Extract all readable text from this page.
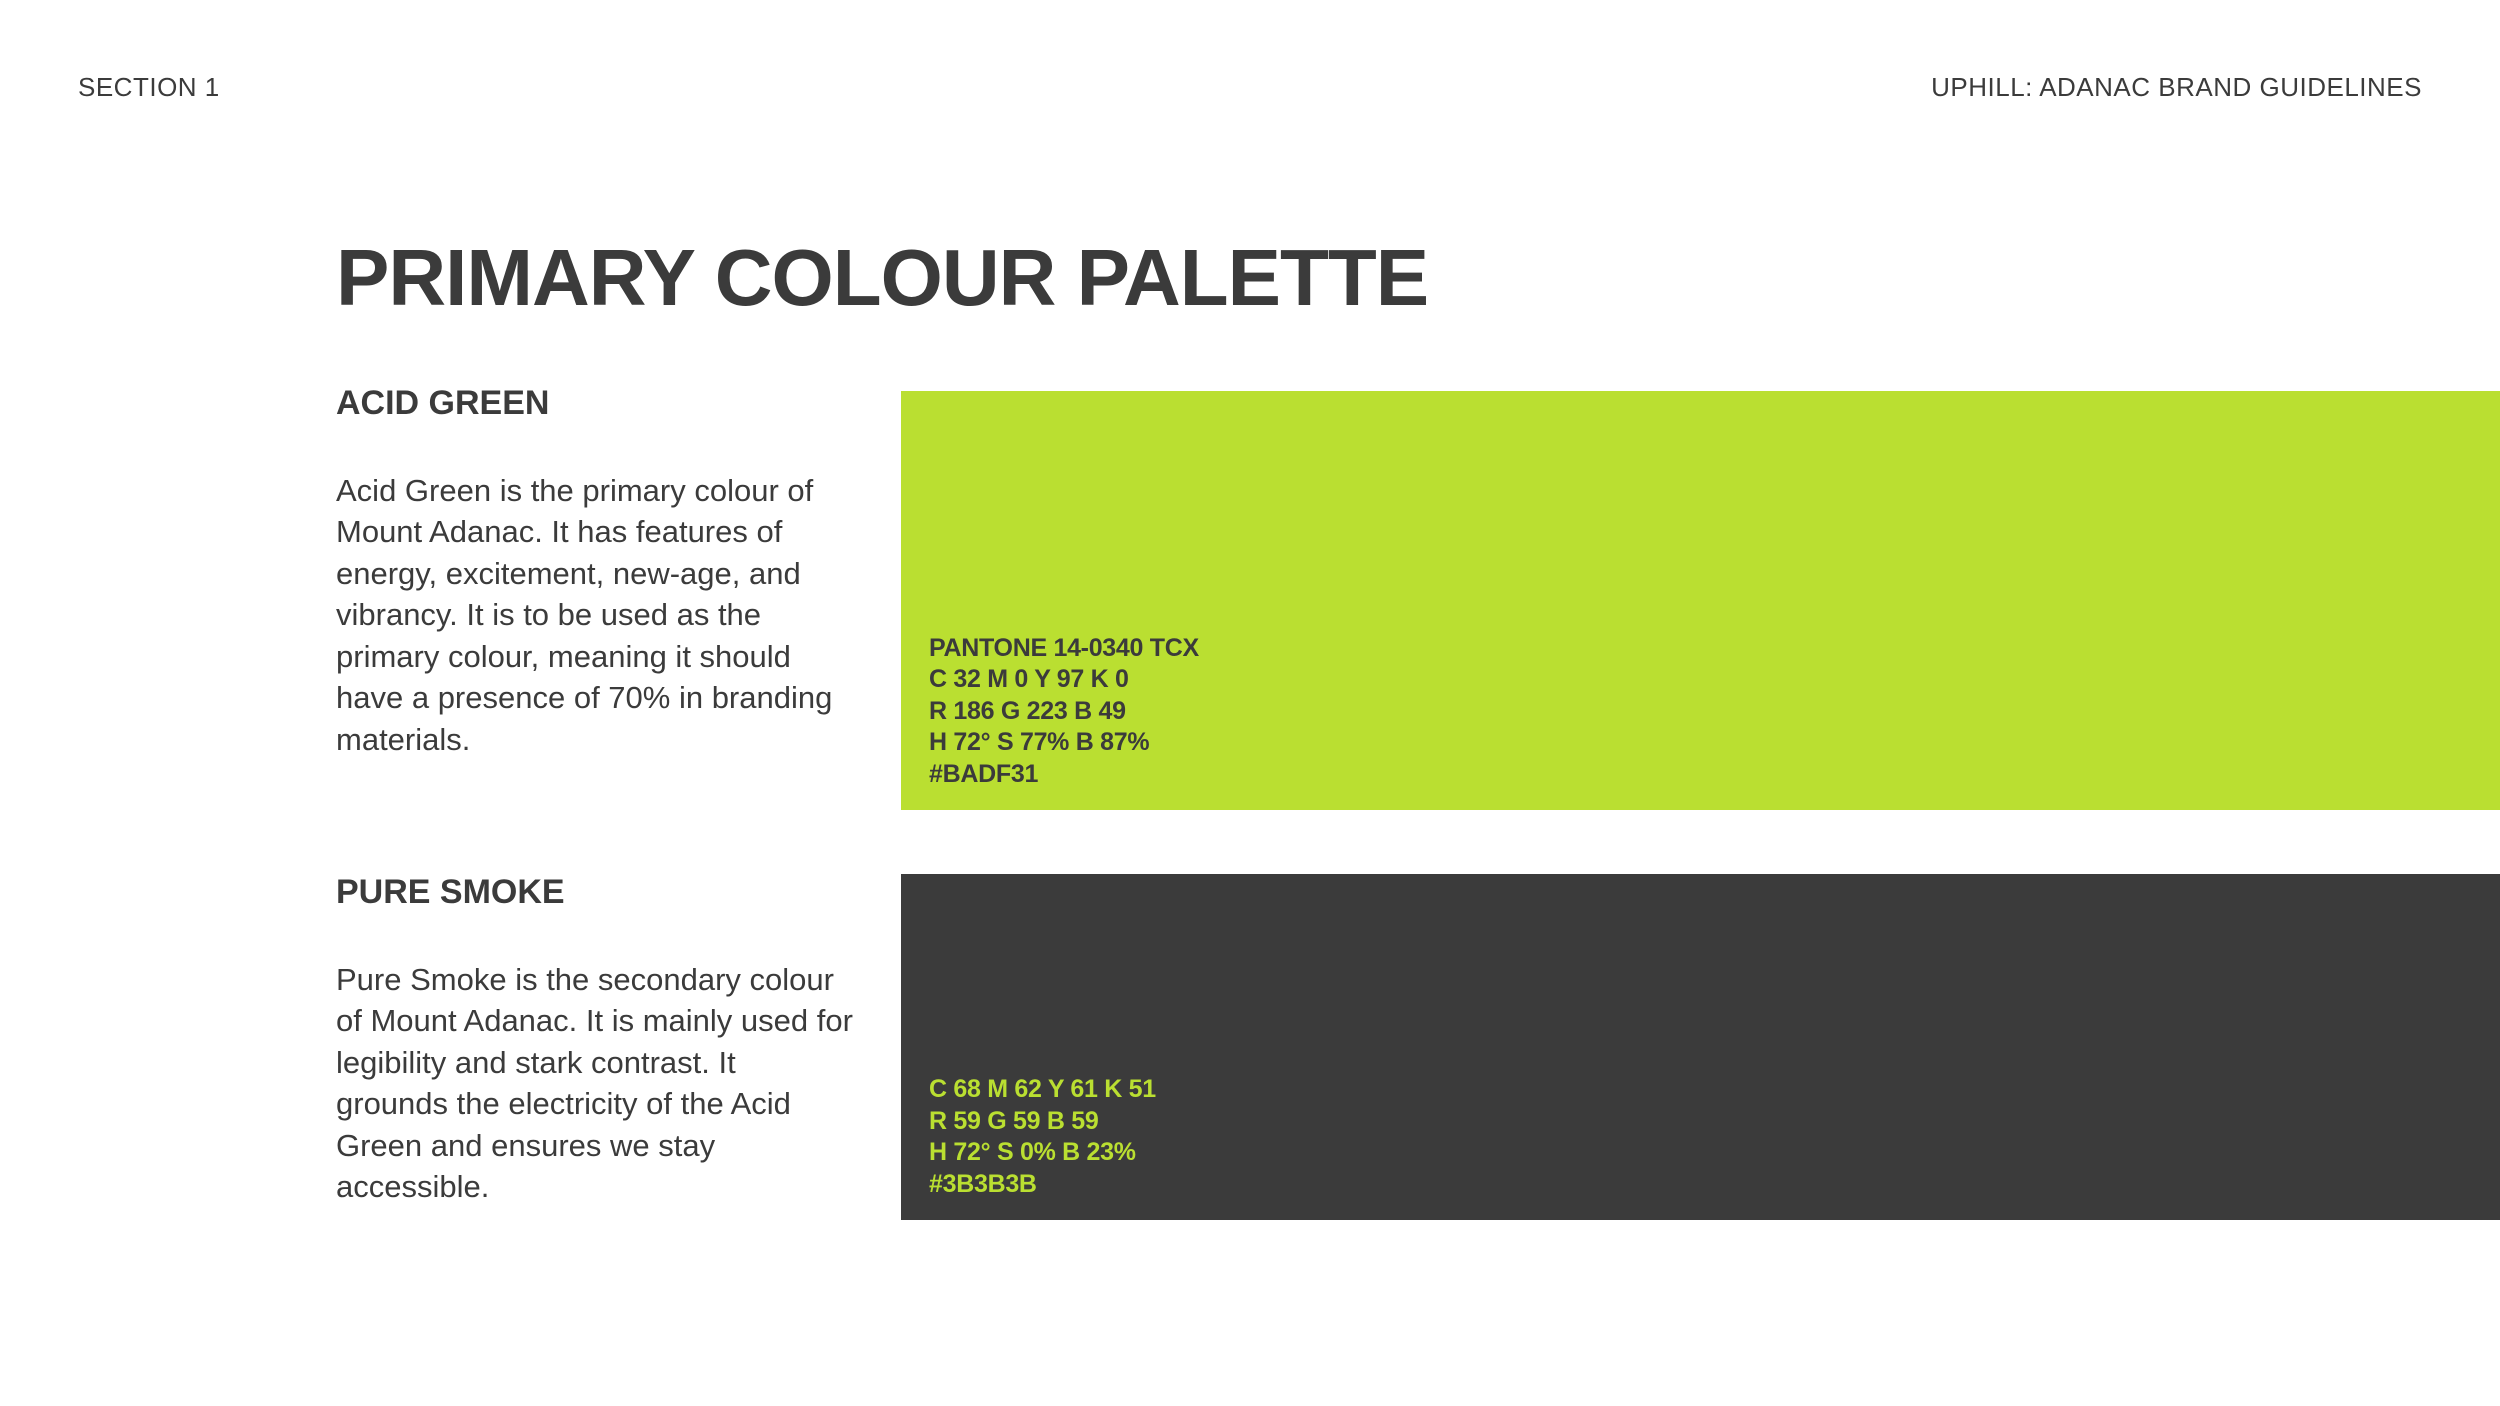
SECTION 1	UPHILL: ADANAC BRAND GUIDELINES
PRIMARY COLOUR PALETTE
ACID GREEN

Acid Green is the primary colour of Mount Adanac. It has features of energy, excitement, new-age, and vibrancy. It is to be used as the primary colour, meaning it should have a presence of 70% in branding materials.

PANTONE 14-0340 TCX
C 32 M 0 Y 97 K 0
R 186 G 223 B 49
H 72° S 77% B 87%
#BADF31
PURE SMOKE

Pure Smoke is the secondary colour of Mount Adanac. It is mainly used for legibility and stark contrast. It grounds the electricity of the Acid Green and ensures we stay accessible.

C 68 M 62 Y 61 K 51
R 59 G 59 B 59
H 72° S 0% B 23%
#3B3B3B
